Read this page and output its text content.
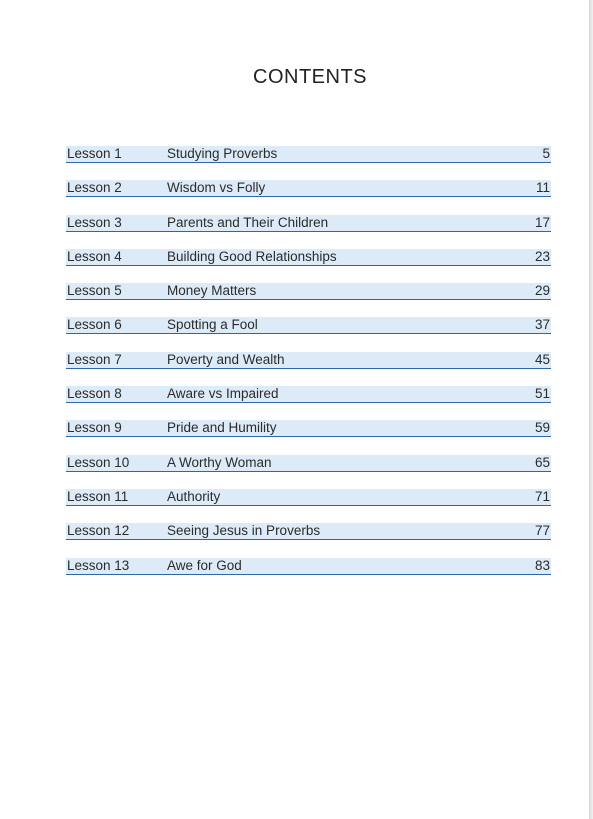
CONTENTS
Lesson 1	Studying Proverbs	5
Lesson 2	Wisdom vs Folly	11
Lesson 3	Parents and Their Children	17
Lesson 4	Building Good Relationships	23
Lesson 5	Money Matters	29
Lesson 6	Spotting a Fool	37
Lesson 7	Poverty and Wealth	45
Lesson 8	Aware vs Impaired	51
Lesson 9	Pride and Humility	59
Lesson 10	A Worthy Woman	65
Lesson 11	Authority	71
Lesson 12	Seeing Jesus in Proverbs	77
Lesson 13	Awe for God	83
